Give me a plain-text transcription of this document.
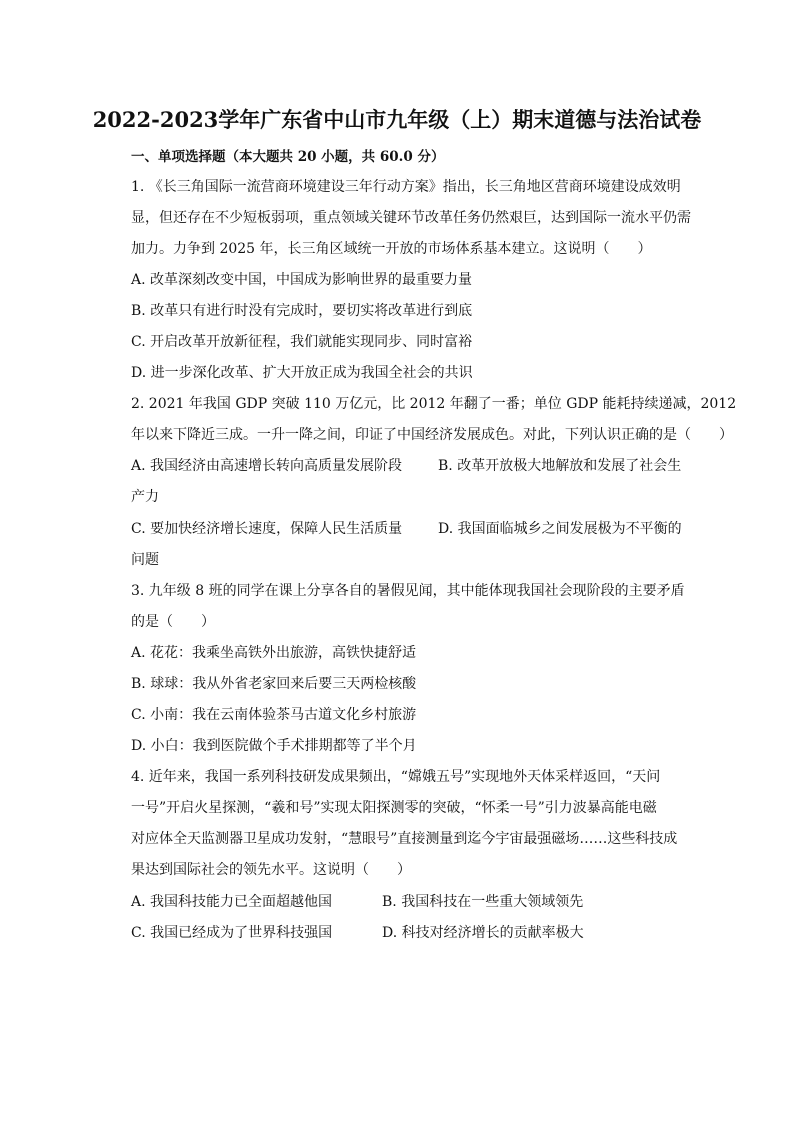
2022-2023学年广东省中山市九年级（上）期末道德与法治试卷
一、单项选择题（本大题共 20 小题，共 60.0 分）
1. 《长三角国际一流营商环境建设三年行动方案》指出，长三角地区营商环境建设成效明
显，但还存在不少短板弱项，重点领域关键环节改革任务仍然艰巨，达到国际一流水平仍需
加力。力争到 2025 年，长三角区域统一开放的市场体系基本建立。这说明（　　）
A. 改革深刻改变中国，中国成为影响世界的最重要力量
B. 改革只有进行时没有完成时，要切实将改革进行到底
C. 开启改革开放新征程，我们就能实现同步、同时富裕
D. 进一步深化改革、扩大开放正成为我国全社会的共识
2. 2021 年我国 GDP 突破 110 万亿元，比 2012 年翻了一番；单位 GDP 能耗持续递减，2012
年以来下降近三成。一升一降之间，印证了中国经济发展成色。对此，下列认识正确的是（　　）
A. 我国经济由高速增长转向高质量发展阶段	B. 改革开放极大地解放和发展了社会生
产力
C. 要加快经济增长速度，保障人民生活质量	D. 我国面临城乡之间发展极为不平衡的
问题
3. 九年级 8 班的同学在课上分享各自的暑假见闻，其中能体现我国社会现阶段的主要矛盾
的是（　　）
A. 花花：我乘坐高铁外出旅游，高铁快捷舒适
B. 球球：我从外省老家回来后要三天两检核酸
C. 小南：我在云南体验茶马古道文化乡村旅游
D. 小白：我到医院做个手术排期都等了半个月
4. 近年来，我国一系列科技研发成果频出，“嫦娥五号”实现地外天体采样返回，“天问
一号”开启火星探测，“羲和号”实现太阳探测零的突破，“怀柔一号”引力波暴高能电磁
对应体全天监测器卫星成功发射，“慧眼号”直接测量到迄今宇宙最强磁场……这些科技成
果达到国际社会的领先水平。这说明（　　）
A. 我国科技能力已全面超越他国	B. 我国科技在一些重大领域领先
C. 我国已经成为了世界科技强国	D. 科技对经济增长的贡献率极大
